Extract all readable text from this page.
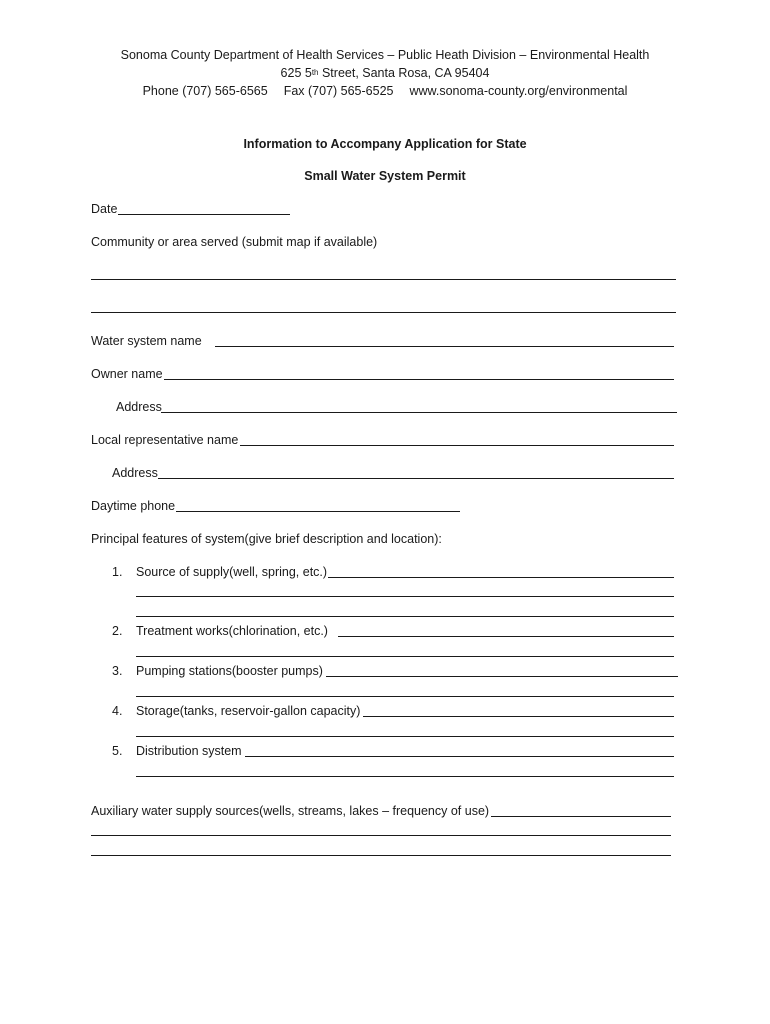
Sonoma County Department of Health Services – Public Heath Division – Environmental Health
625 5th Street, Santa Rosa, CA 95404
Phone (707) 565-6565 Fax (707) 565-6525 www.sonoma-county.org/environmental
Information to Accompany Application for State
Small Water System Permit
Date
Community or area served (submit map if available)
Water system name
Owner name
Address
Local representative name
Address
Daytime phone
Principal features of system(give brief description and location):
1. Source of supply(well, spring, etc.)
2. Treatment works(chlorination, etc.)
3. Pumping stations(booster pumps)
4. Storage(tanks, reservoir-gallon capacity)
5. Distribution system
Auxiliary water supply sources(wells, streams, lakes – frequency of use)
